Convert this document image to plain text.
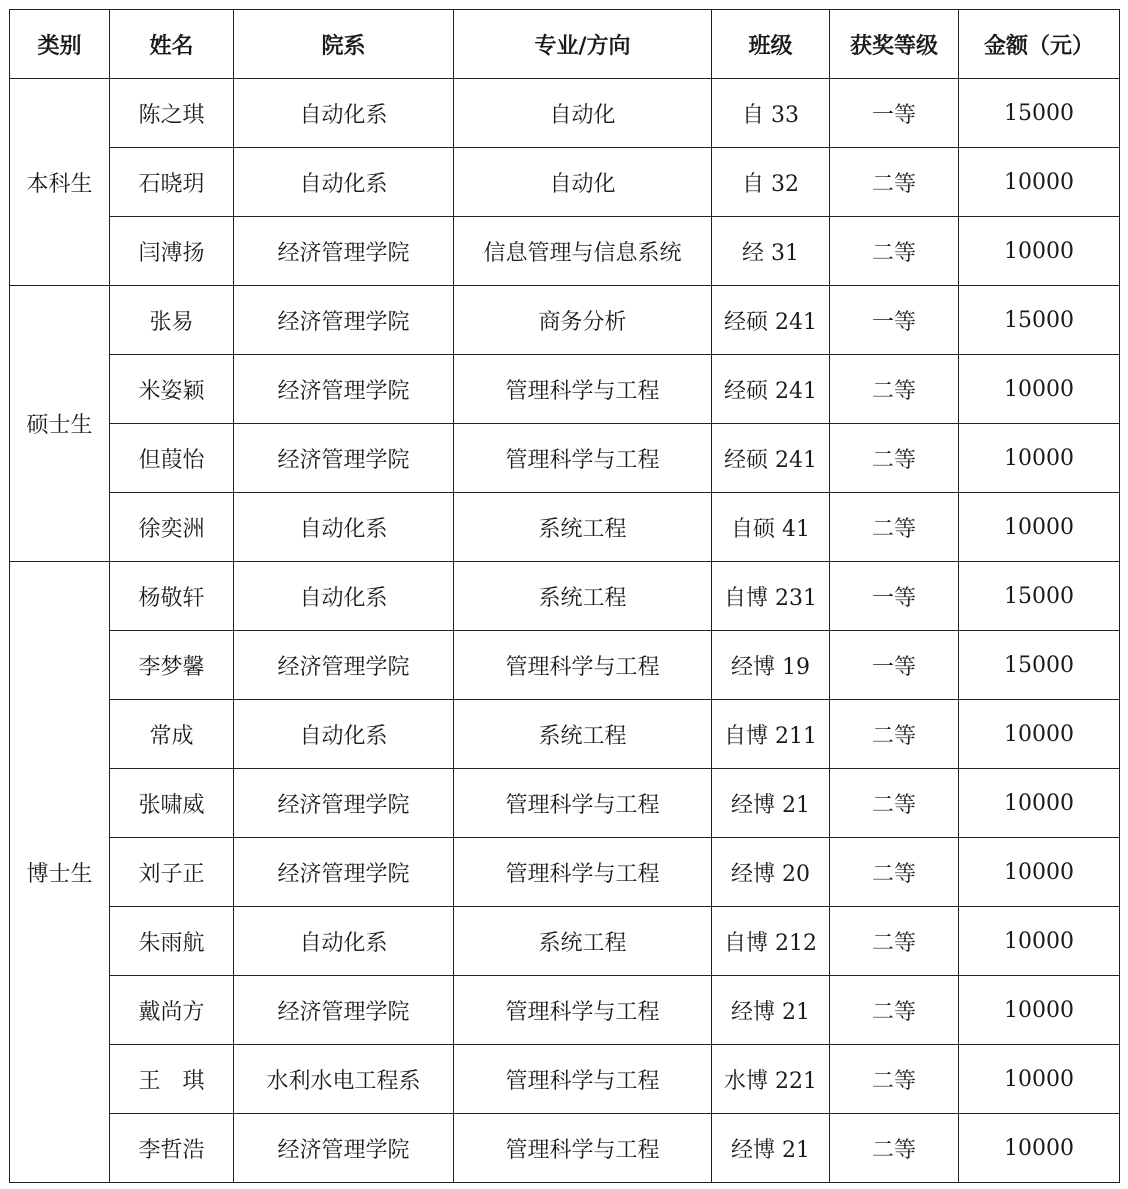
类别	姓名	院系	专业/方向	班级	获奖等级	金额（元）
本科生	陈之琪	自动化系	自动化	自 33	一等	15000
	石晓玥	自动化系	自动化	自 32	二等	10000
	闫溥扬	经济管理学院	信息管理与信息系统	经 31	二等	10000
硕士生	张易	经济管理学院	商务分析	经硕 241	一等	15000
	米姿颖	经济管理学院	管理科学与工程	经硕 241	二等	10000
	但葭怡	经济管理学院	管理科学与工程	经硕 241	二等	10000
	徐奕洲	自动化系	系统工程	自硕 41	二等	10000
博士生	杨敬轩	自动化系	系统工程	自博 231	一等	15000
	李梦馨	经济管理学院	管理科学与工程	经博 19	一等	15000
	常成	自动化系	系统工程	自博 211	二等	10000
	张啸威	经济管理学院	管理科学与工程	经博 21	二等	10000
	刘子正	经济管理学院	管理科学与工程	经博 20	二等	10000
	朱雨航	自动化系	系统工程	自博 212	二等	10000
	戴尚方	经济管理学院	管理科学与工程	经博 21	二等	10000
	王　琪	水利水电工程系	管理科学与工程	水博 221	二等	10000
	李哲浩	经济管理学院	管理科学与工程	经博 21	二等	10000
